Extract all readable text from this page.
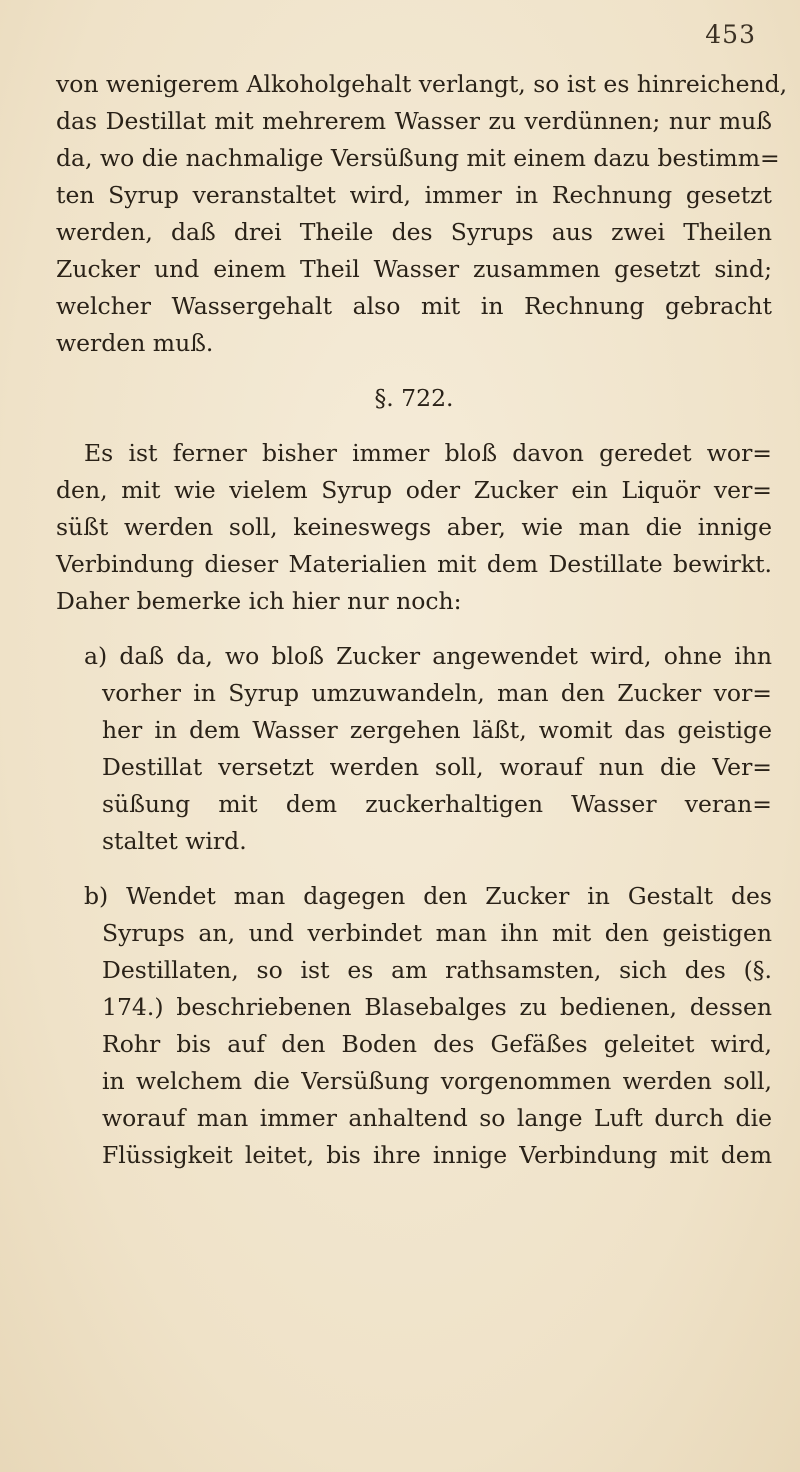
453
von wenigerem Alkoholgehalt verlangt, so ist es hinreichend,
das Destillat mit mehrerem Wasser zu verdünnen; nur muß
da, wo die nachmalige Versüßung mit einem dazu bestimm=
ten Syrup veranstaltet wird, immer in Rechnung gesetzt
werden, daß drei Theile des Syrups aus zwei Theilen
Zucker und einem Theil Wasser zusammen gesetzt sind;
welcher Wassergehalt also mit in Rechnung gebracht
werden muß.
§. 722.
Es ist ferner bisher immer bloß davon geredet wor=
den, mit wie vielem Syrup oder Zucker ein Liquör ver=
süßt werden soll, keineswegs aber, wie man die innige
Verbindung dieser Materialien mit dem Destillate bewirkt.
Daher bemerke ich hier nur noch:
a) daß da, wo bloß Zucker angewendet wird, ohne ihn
vorher in Syrup umzuwandeln, man den Zucker vor=
her in dem Wasser zergehen läßt, womit das geistige
Destillat versetzt werden soll, worauf nun die Ver=
süßung mit dem zuckerhaltigen Wasser veran=
staltet wird.
b) Wendet man dagegen den Zucker in Gestalt des
Syrups an, und verbindet man ihn mit den geistigen
Destillaten, so ist es am rathsamsten, sich des (§.
174.) beschriebenen Blasebalges zu bedienen, dessen
Rohr bis auf den Boden des Gefäßes geleitet wird,
in welchem die Versüßung vorgenommen werden soll,
worauf man immer anhaltend so lange Luft durch die
Flüssigkeit leitet, bis ihre innige Verbindung mit dem
